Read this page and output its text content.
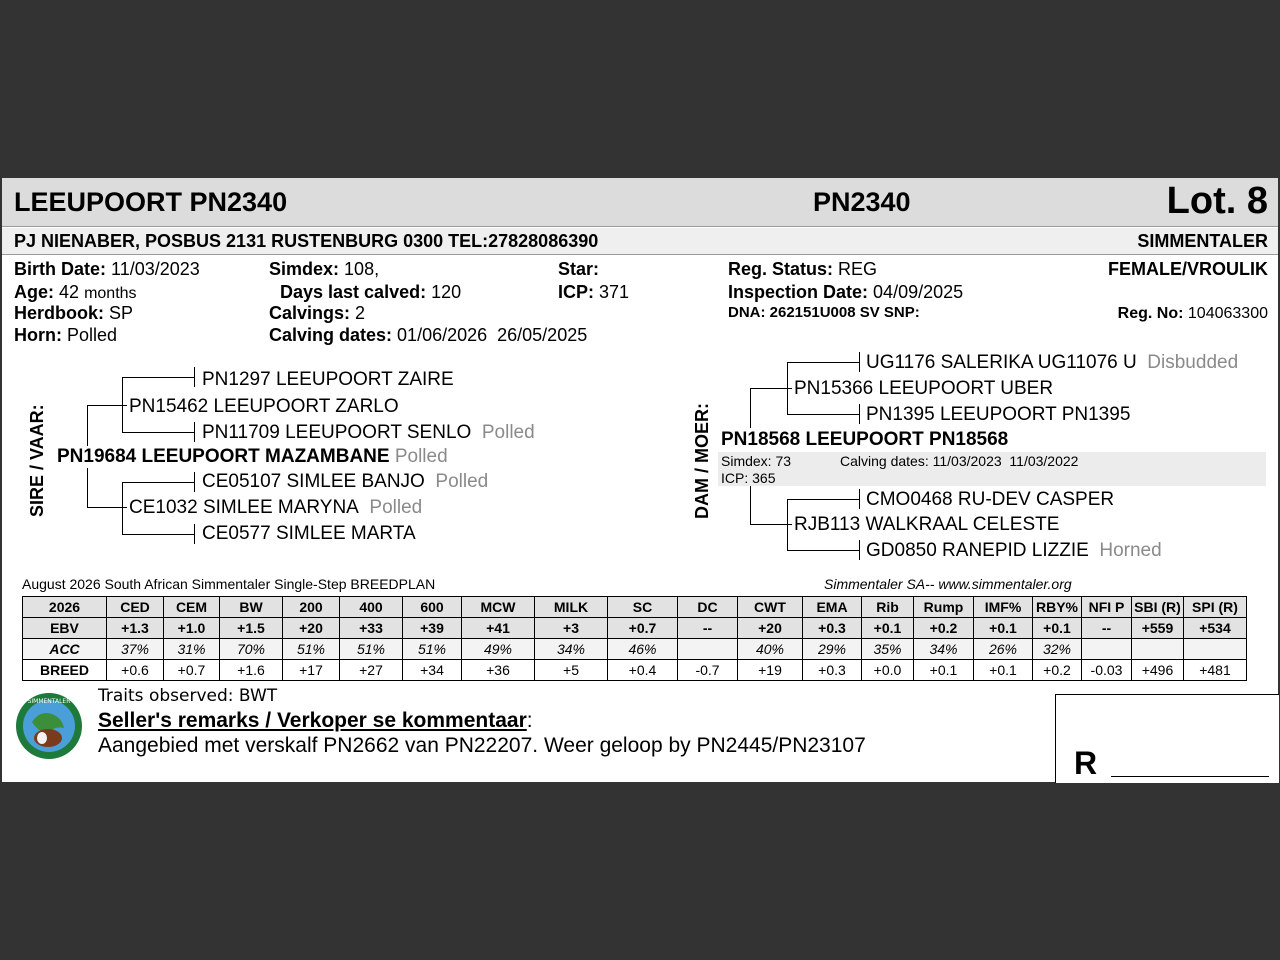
LEEUPOORT PN2340	PN2340	Lot. 8
PJ NIENABER, POSBUS 2131 RUSTENBURG 0300 TEL:27828086390	SIMMENTALER
Birth Date: 11/03/2023
Age: 42 months
Herdbook: SP
Horn: Polled
Simdex: 108,
Days last calved: 120
Calvings: 2
Calving dates: 01/06/2026  26/05/2025
Star:
ICP: 371
Reg. Status: REG
Inspection Date: 04/09/2025
DNA: 262151U008 SV SNP:
FEMALE/VROULIK
Reg. No: 104063300
SIRE / VAAR:
PN1297 LEEUPOORT ZAIRE
PN15462 LEEUPOORT ZARLO
PN11709 LEEUPOORT SENLO Polled
PN19684 LEEUPOORT MAZAMBANE Polled
CE05107 SIMLEE BANJO Polled
CE1032 SIMLEE MARYNA Polled
CE0577 SIMLEE MARTA
DAM / MOER:
UG1176 SALERIKA UG11076 U Disbudded
PN15366 LEEUPOORT UBER
PN1395 LEEUPOORT PN1395
PN18568 LEEUPOORT PN18568
Simdex: 73	Calving dates: 11/03/2023  11/03/2022
ICP: 365
CMO0468 RU-DEV CASPER
RJB113 WALKRAAL CELESTE
GD0850 RANEPID LIZZIE Horned
August 2026 South African Simmentaler Single-Step BREEDPLAN	Simmentaler SA-- www.simmentaler.org
2026	CED	CEM	BW	200	400	600	MCW	MILK	SC	DC	CWT	EMA	Rib	Rump	IMF%	RBY%	NFI P	SBI (R)	SPI (R)
EBV	+1.3	+1.0	+1.5	+20	+33	+39	+41	+3	+0.7	--	+20	+0.3	+0.1	+0.2	+0.1	+0.1	--	+559	+534
ACC	37%	31%	70%	51%	51%	51%	49%	34%	46%		40%	29%	35%	34%	26%	32%			
BREED	+0.6	+0.7	+1.6	+17	+27	+34	+36	+5	+0.4	-0.7	+19	+0.3	+0.0	+0.1	+0.1	+0.2	-0.03	+496	+481
SIMMENTALER Traits observed: BWT
Seller's remarks / Verkoper se kommentaar:
Aangebied met verskalf PN2662 van PN22207. Weer geloop by PN2445/PN23107	R
